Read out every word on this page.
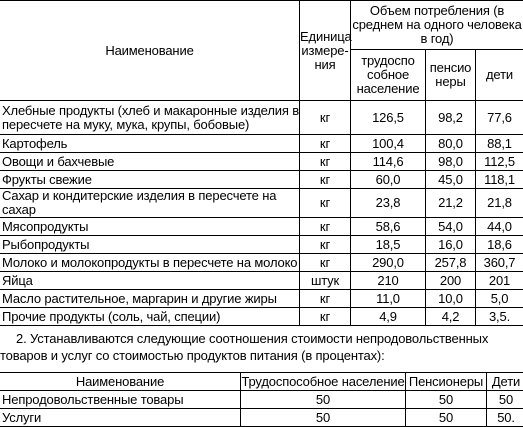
Наименование	Единица измере-ния	Объем потребления (в среднем на одного человека в год)		
		трудоспо собное население	пенсио неры	дети
Хлебные продукты (хлеб и макаронные изделия в пересчете на муку, мука, крупы, бобовые)	кг	126,5	98,2	77,6
Картофель	кг	100,4	80,0	88,1
Овощи и бахчевые	кг	114,6	98,0	112,5
Фрукты свежие	кг	60,0	45,0	118,1
Сахар и кондитерские изделия в пересчете на сахар	кг	23,8	21,2	21,8
Мясопродукты	кг	58,6	54,0	44,0
Рыбопродукты	кг	18,5	16,0	18,6
Молоко и молокопродукты в пересчете на молоко	кг	290,0	257,8	360,7
Яйца	штук	210	200	201
Масло растительное, маргарин и другие жиры	кг	11,0	10,0	5,0
Прочие продукты (соль, чай, специи)	кг	4,9	4,2	3,5.
2. Устанавливаются следующие соотношения стоимости непродовольственных товаров и услуг со стоимостью продуктов питания (в процентах):
Наименование	Трудоспособное население	Пенсионеры	Дети
Непродовольственные товары	50	50	50
Услуги	50	50	50.
